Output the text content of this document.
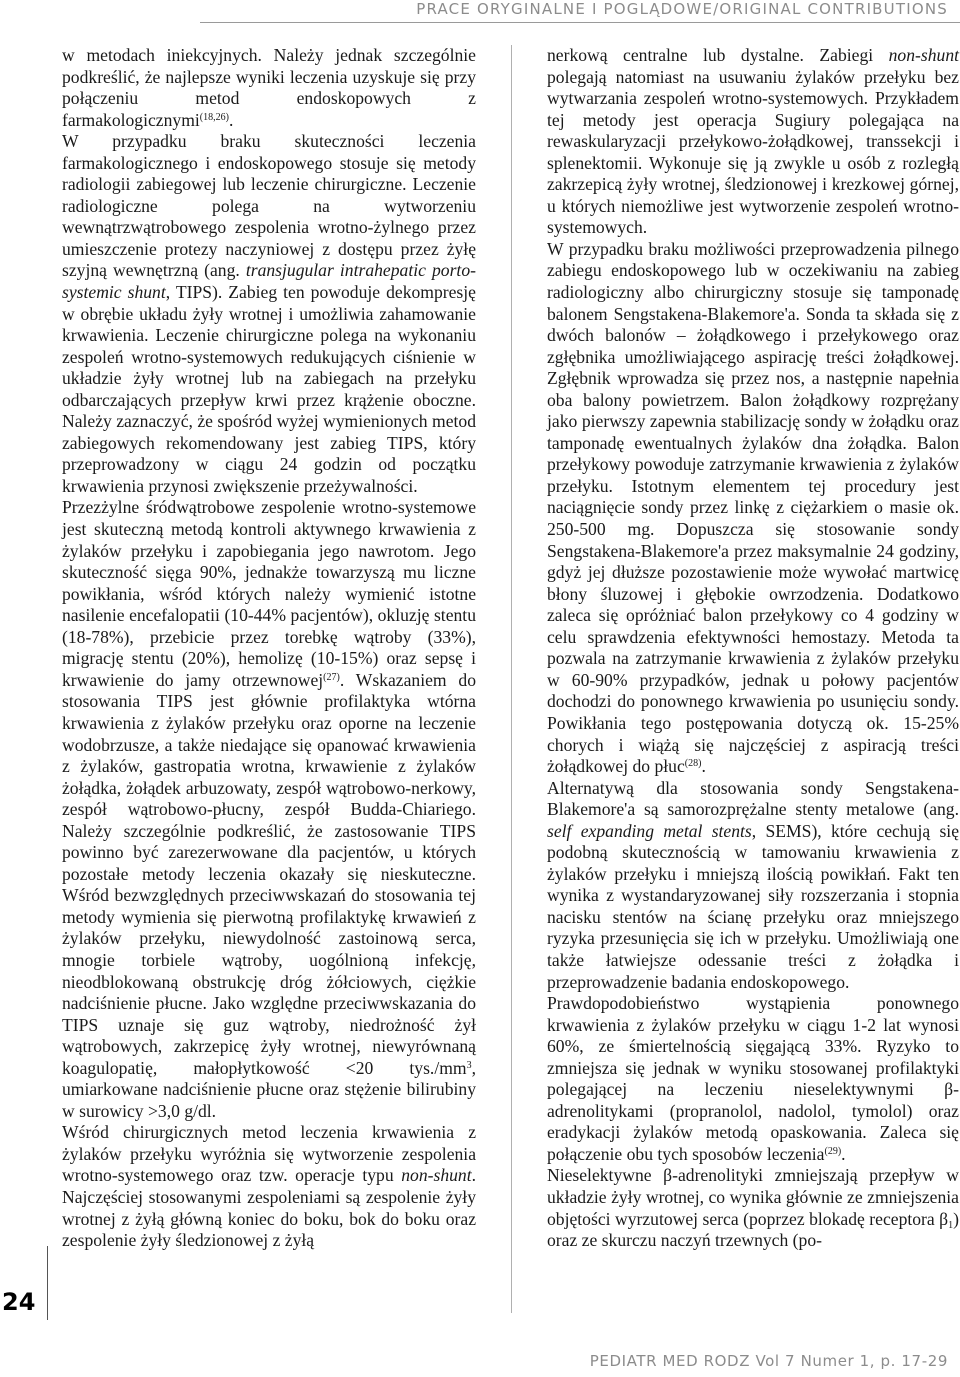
PRACE ORYGINALNE I POGLĄDOWE/ORIGINAL CONTRIBUTIONS

w metodach iniekcyjnych. Należy jednak szczególnie podkreślić, że najlepsze wyniki leczenia uzyskuje się przy połączeniu metod endoskopowych z farmakologicznymi$^{(18,26)}$.

W przypadku braku skuteczności leczenia farmakologicznego i endoskopowego stosuje się metody radiologii zabiegowej lub leczenie chirurgiczne. Leczenie radiologiczne polega na wytworzeniu wewnątrzwątrobowego zespolenia wrotno-żylnego przez umieszczenie protezy naczyniowej z dostępu przez żyłę szyjną wewnętrzną (ang. transjugular intrahepatic porto-systemic shunt, TIPS). Zabieg ten powoduje dekompresję w obrębie układu żyły wrotnej i umożliwia zahamowanie krwawienia. Leczenie chirurgiczne polega na wykonaniu zespoleń wrotno-systemowych redukujących ciśnienie w układzie żyły wrotnej lub na zabiegach na przełyku odbarczających przepływ krwi przez krążenie oboczne. Należy zaznaczyć, że spośród wyżej wymienionych metod zabiegowych rekomendowany jest zabieg TIPS, który przeprowadzony w ciągu 24 godzin od początku krwawienia przynosi zwiększenie przeżywalności.

Przezżylne śródwątrobowe zespolenie wrotno-systemowe jest skuteczną metodą kontroli aktywnego krwawienia z żylaków przełyku i zapobiegania jego nawrotom. Jego skuteczność sięga 90%, jednakże towarzyszą mu liczne powikłania, wśród których należy wymienić istotne nasilenie encefalopatii (10-44% pacjentów), okluzję stentu (18-78%), przebicie przez torebkę wątroby (33%), migrację stentu (20%), hemolizę (10-15%) oraz sepsę i krwawienie do jamy otrzewnowej$^{(27)}$. Wskazaniem do stosowania TIPS jest głównie profilaktyka wtórna krwawienia z żylaków przełyku oraz oporne na leczenie wodobrzusze, a także niedające się opanować krwawienia z żylaków, gastropatia wrotna, krwawienie z żylaków żołądka, żołądek arbuzowaty, zespół wątrobowo-nerkowy, zespół wątrobowo-płucny, zespół Budda-Chiariego. Należy szczególnie podkreślić, że zastosowanie TIPS powinno być zarezerwowane dla pacjentów, u których pozostałe metody leczenia okazały się nieskuteczne. Wśród bezwzględnych przeciwwskazań do stosowania tej metody wymienia się pierwotną profilaktykę krwawień z żylaków przełyku, niewydolność zastoinową serca, mnogie torbiele wątroby, uogólnioną infekcję, nieodblokowaną obstrukcję dróg żółciowych, ciężkie nadciśnienie płucne. Jako względne przeciwwskazania do TIPS uznaje się guz wątroby, niedrożność żył wątrobowych, zakrzepicę żyły wrotnej, niewyrównaną koagulopatię, małopłytkowość <20 $tys./mm^3$, umiarkowane nadciśnienie płucne oraz stężenie bilirubiny w surowicy >3,0 g/dl.

Wśród chirurgicznych metod leczenia krwawienia z żylaków przełyku wyróżnia się wytworzenie zespolenia wrotno-systemowego oraz tzw. operacje typu non-shunt. Najczęściej stosowanymi zespoleniami są zespolenie żyły wrotnej z żyłą główną koniec do boku, bok do boku oraz zespolenie żyły śledzionowej z żyłą

nerkową centralne lub dystalne. Zabiegi non-shunt polegają natomiast na usuwaniu żylaków przełyku bez wytwarzania zespoleń wrotno-systemowych. Przykładem tej metody jest operacja Sugiury polegająca na rewaskularyzacji przełykowo-żołądkowej, transsekcji i splenektomii. Wykonuje się ją zwykle u osób z rozległą zakrzepicą żyły wrotnej, śledzionowej i krezkowej górnej, u których niemożliwe jest wytworzenie zespoleń wrotno-systemowych.

W przypadku braku możliwości przeprowadzenia pilnego zabiegu endoskopowego lub w oczekiwaniu na zabieg radiologiczny albo chirurgiczny stosuje się tamponadę balonem Sengstakena-Blakemore'a. Sonda ta składa się z dwóch balonów – żołądkowego i przełykowego oraz zgłębnika umożliwiającego aspirację treści żołądkowej. Zgłębnik wprowadza się przez nos, a następnie napełnia oba balony powietrzem. Balon żołądkowy rozprężany jako pierwszy zapewnia stabilizację sondy w żołądku oraz tamponadę ewentualnych żylaków dna żołądka. Balon przełykowy powoduje zatrzymanie krwawienia z żylaków przełyku. Istotnym elementem tej procedury jest naciągnięcie sondy przez linkę z ciężarkiem o masie ok. 250-500 mg. Dopuszcza się stosowanie sondy Sengstakena-Blakemore'a przez maksymalnie 24 godziny, gdyż jej dłuższe pozostawienie może wywołać martwicę błony śluzowej i głębokie owrzodzenia. Dodatkowo zaleca się opróżniać balon przełykowy co 4 godziny w celu sprawdzenia efektywności hemostazy. Metoda ta pozwala na zatrzymanie krwawienia z żylaków przełyku w 60-90% przypadków, jednak u połowy pacjentów dochodzi do ponownego krwawienia po usunięciu sondy. Powikłania tego postępowania dotyczą ok. 15-25% chorych i wiążą się najczęściej z aspiracją treści żołądkowej do płuc$^{(28)}$.

Alternatywą dla stosowania sondy Sengstakena-Blakemore'a są samorozprężalne stenty metalowe (ang. self expanding metal stents, SEMS), które cechują się podobną skutecznością w tamowaniu krwawienia z żylaków przełyku i mniejszą ilością powikłań. Fakt ten wynika z wystandaryzowanej siły rozszerzania i stopnia nacisku stentów na ścianę przełyku oraz mniejszego ryzyka przesunięcia się ich w przełyku. Umożliwiają one także łatwiejsze odessanie treści z żołądka i przeprowadzenie badania endoskopowego.

Prawdopodobieństwo wystąpienia ponownego krwawienia z żylaków przełyku w ciągu 1-2 lat wynosi 60%, ze śmiertelnością sięgającą 33%. Ryzyko to zmniejsza się jednak w wyniku stosowanej profilaktyki polegającej na leczeniu nieselektywnymi β-adrenolitykami (propranolol, nadolol, tymolol) oraz eradykacji żylaków metodą opaskowania. Zaleca się połączenie obu tych sposobów leczenia$^{(29)}$.

Nieselektywne β-adrenolityki zmniejszają przepływ w układzie żyły wrotnej, co wynika głównie ze zmniejszenia objętości wyrzutowej serca (poprzez blokadę receptora $\beta_1$) oraz ze skurczu naczyń trzewnych (po-

24
PEDIATR MED RODZ Vol 7 Numer 1, p. 17-29
